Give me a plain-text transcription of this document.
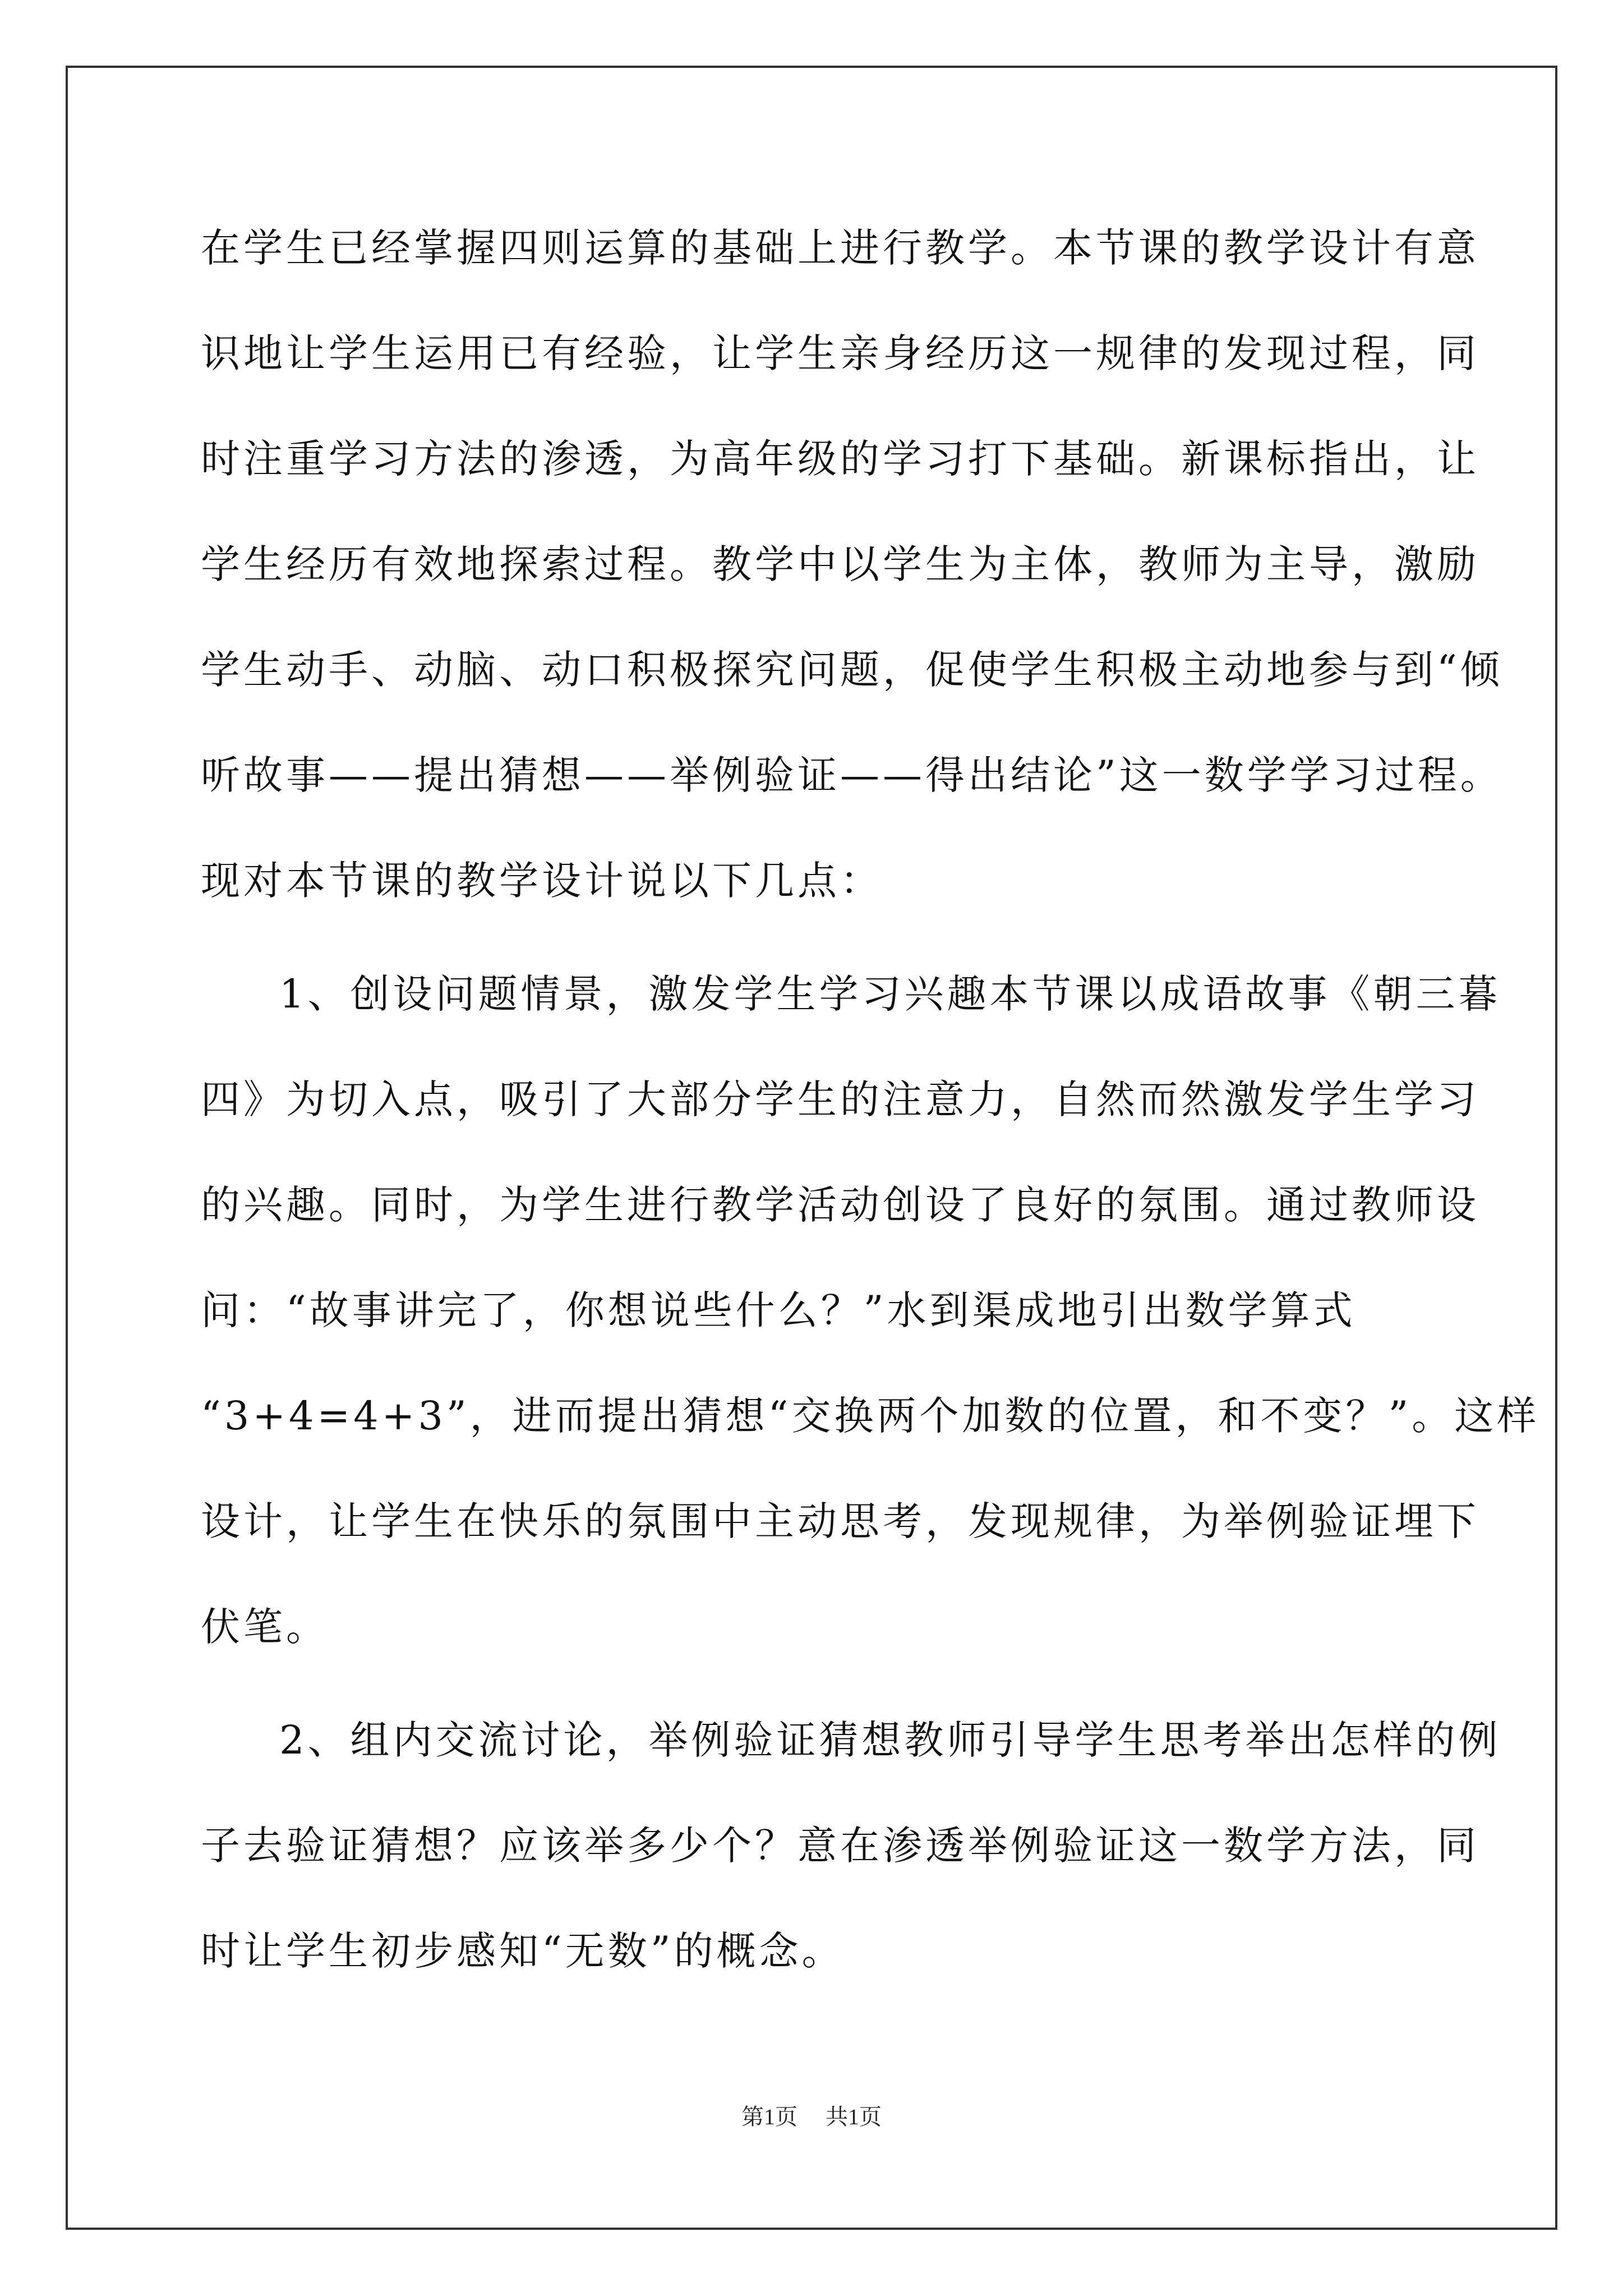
在学生已经掌握四则运算的基础上进行教学。本节课的教学设计有意
识地让学生运用已有经验，让学生亲身经历这一规律的发现过程，同
时注重学习方法的渗透，为高年级的学习打下基础。新课标指出，让
学生经历有效地探索过程。教学中以学生为主体，教师为主导，激励
学生动手、动脑、动口积极探究问题，促使学生积极主动地参与到“倾
听故事——提出猜想——举例验证——得出结论”这一数学学习过程。
现对本节课的教学设计说以下几点：
1、创设问题情景，激发学生学习兴趣本节课以成语故事《朝三暮
四》为切入点，吸引了大部分学生的注意力，自然而然激发学生学习
的兴趣。同时，为学生进行教学活动创设了良好的氛围。通过教师设
问：“故事讲完了，你想说些什么？”水到渠成地引出数学算式
“3+4=4+3”，进而提出猜想“交换两个加数的位置，和不变？”。这样
设计，让学生在快乐的氛围中主动思考，发现规律，为举例验证埋下
伏笔。
2、组内交流讨论，举例验证猜想教师引导学生思考举出怎样的例
子去验证猜想？应该举多少个？意在渗透举例验证这一数学方法，同
时让学生初步感知“无数”的概念。
第1页 共1页
